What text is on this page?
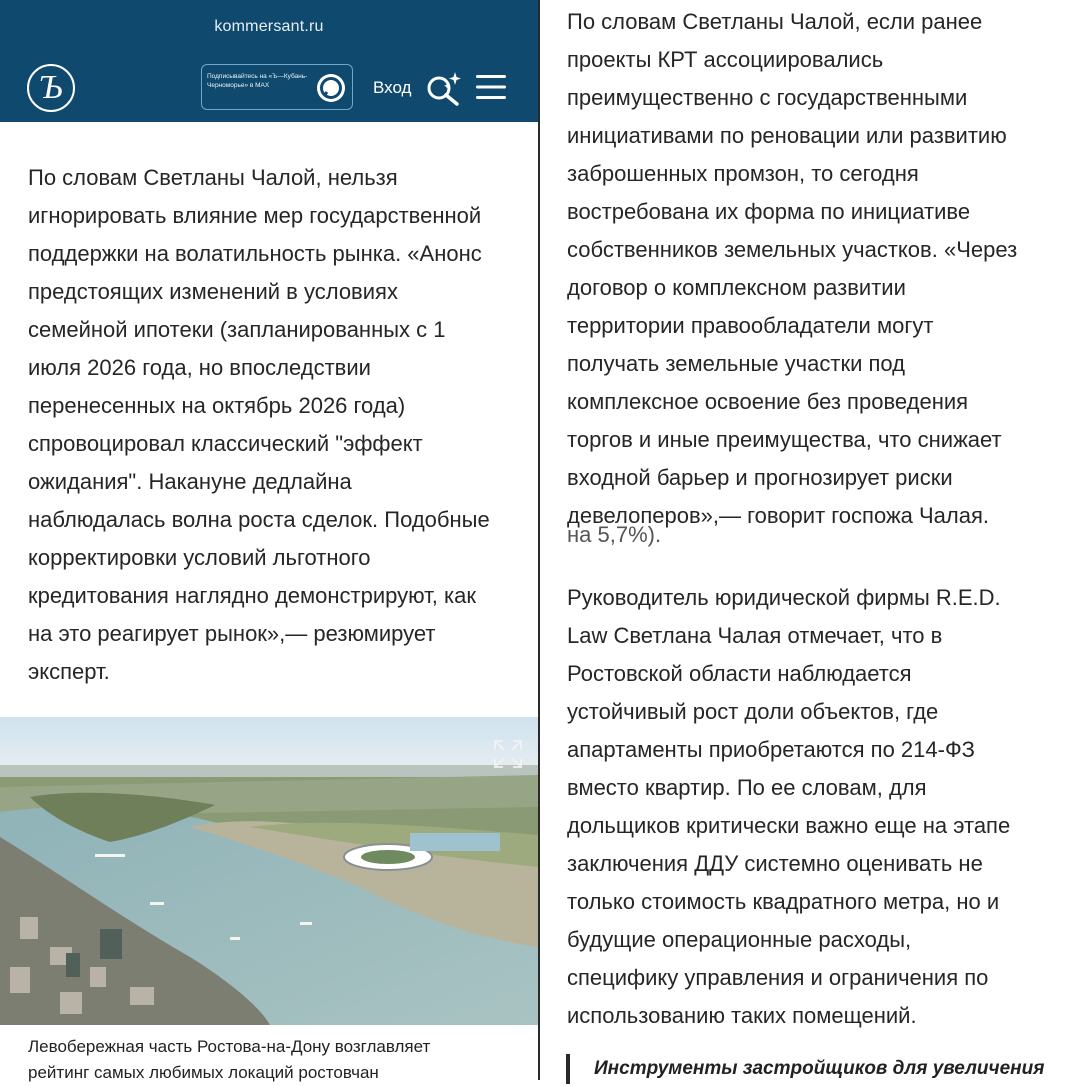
По словам Светланы Чалой, нельзя
игнорировать влияние мер государственной
поддержки на волатильность рынка. «Анонс
предстоящих изменений в условиях
семейной ипотеки (запланированных с 1
июля 2026 года, но впоследствии
перенесенных на октябрь 2026 года)
спровоцировал классический "эффект
ожидания". Накануне дедлайна
наблюдалась волна роста сделок. Подобные
корректировки условий льготного
кредитования наглядно демонстрируют, как
на это реагирует рынок»,— резюмирует
эксперт.
Левобережная часть Ростова-на-Дону возглавляет
рейтинг самых любимых локаций ростовчан
kommersant.ru
Ъ	Подписывайтесь на «Ъ—Кубань-Черноморье» в MAX	Вход
По словам Светланы Чалой, если ранее
проекты КРТ ассоциировались
преимущественно с государственными
инициативами по реновации или развитию
заброшенных промзон, то сегодня
востребована их форма по инициативе
собственников земельных участков. «Через
договор о комплексном развитии
территории правообладатели могут
получать земельные участки под
комплексное освоение без проведения
торгов и иные преимущества, что снижает
входной барьер и прогнозирует риски
девелоперов»,— говорит госпожа Чалая.
на 5,7%).
Руководитель юридической фирмы R.E.D.
Law Светлана Чалая отмечает, что в
Ростовской области наблюдается
устойчивый рост доли объектов, где
апартаменты приобретаются по 214-ФЗ
вместо квартир. По ее словам, для
дольщиков критически важно еще на этапе
заключения ДДУ системно оценивать не
только стоимость квадратного метра, но и
будущие операционные расходы,
специфику управления и ограничения по
использованию таких помещений.
Инструменты застройщиков для увеличения
